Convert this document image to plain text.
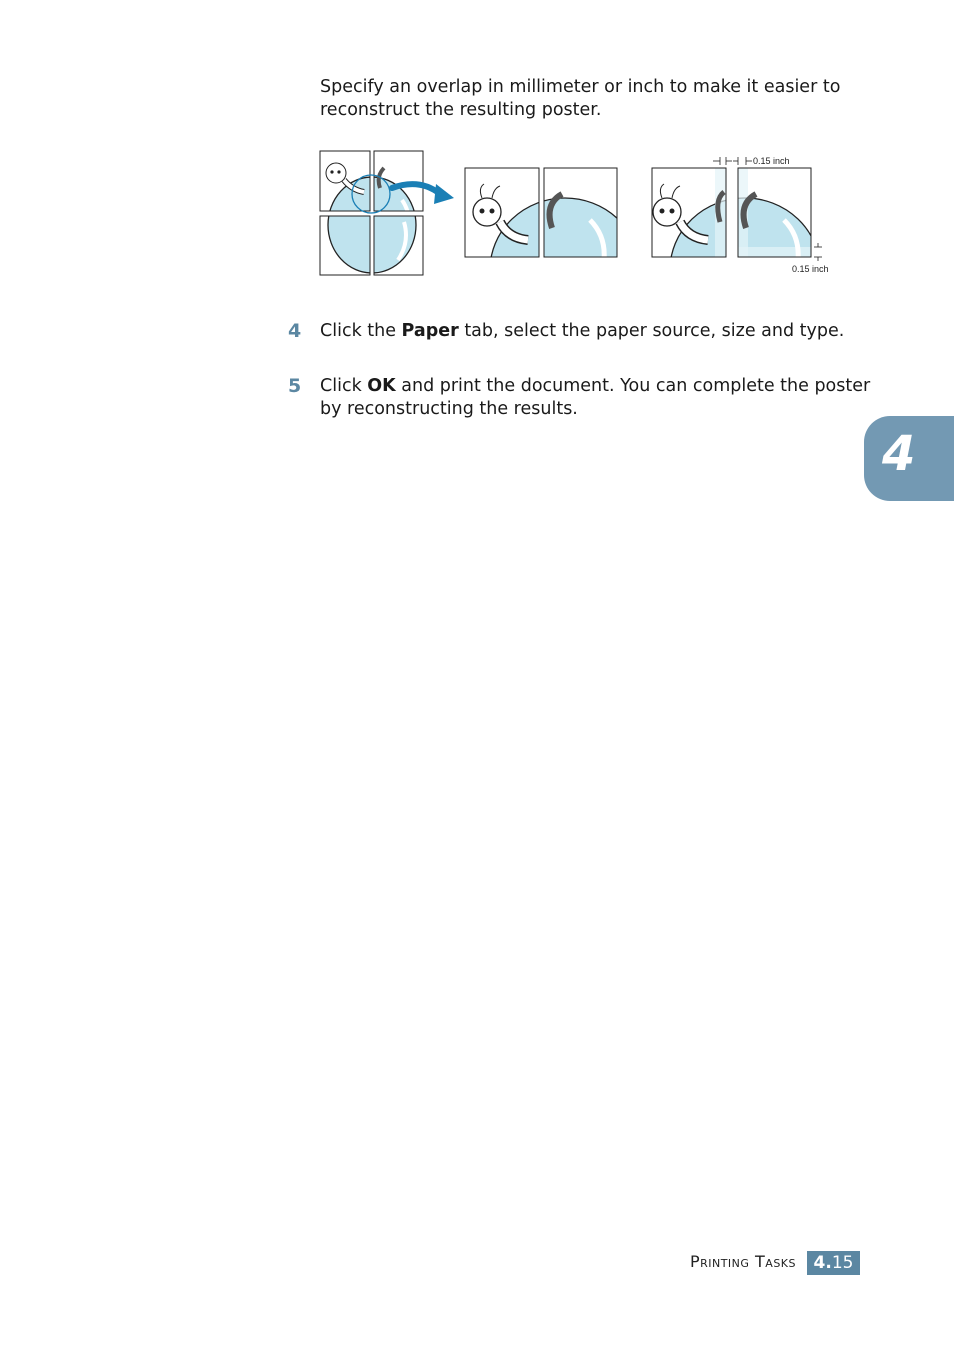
Specify an overlap in millimeter or inch to make it easier to reconstruct the resulting poster.

0.15 inch
0.15 inch
4 Click the Paper tab, select the paper source, size and type.
5 Click OK and print the document. You can complete the poster by reconstructing the results.
4
Printing Tasks	4.15
